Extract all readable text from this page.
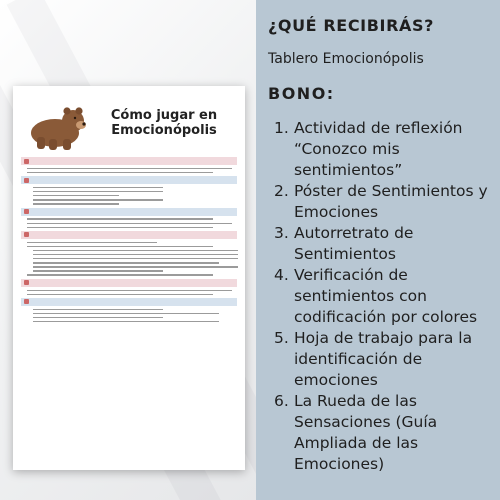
Cómo jugar en
Emocionópolis
¿QUÉ RECIBIRÁS?
Tablero Emocionópolis
BONO:
1. Actividad de reflexión “Conozco mis sentimientos”
2. Póster de Sentimientos y Emociones
3. Autorretrato de Sentimientos
4. Verificación de sentimientos con codificación por colores
5. Hoja de trabajo para la identificación de emociones
6. La Rueda de las Sensaciones (Guía Ampliada de las Emociones)
